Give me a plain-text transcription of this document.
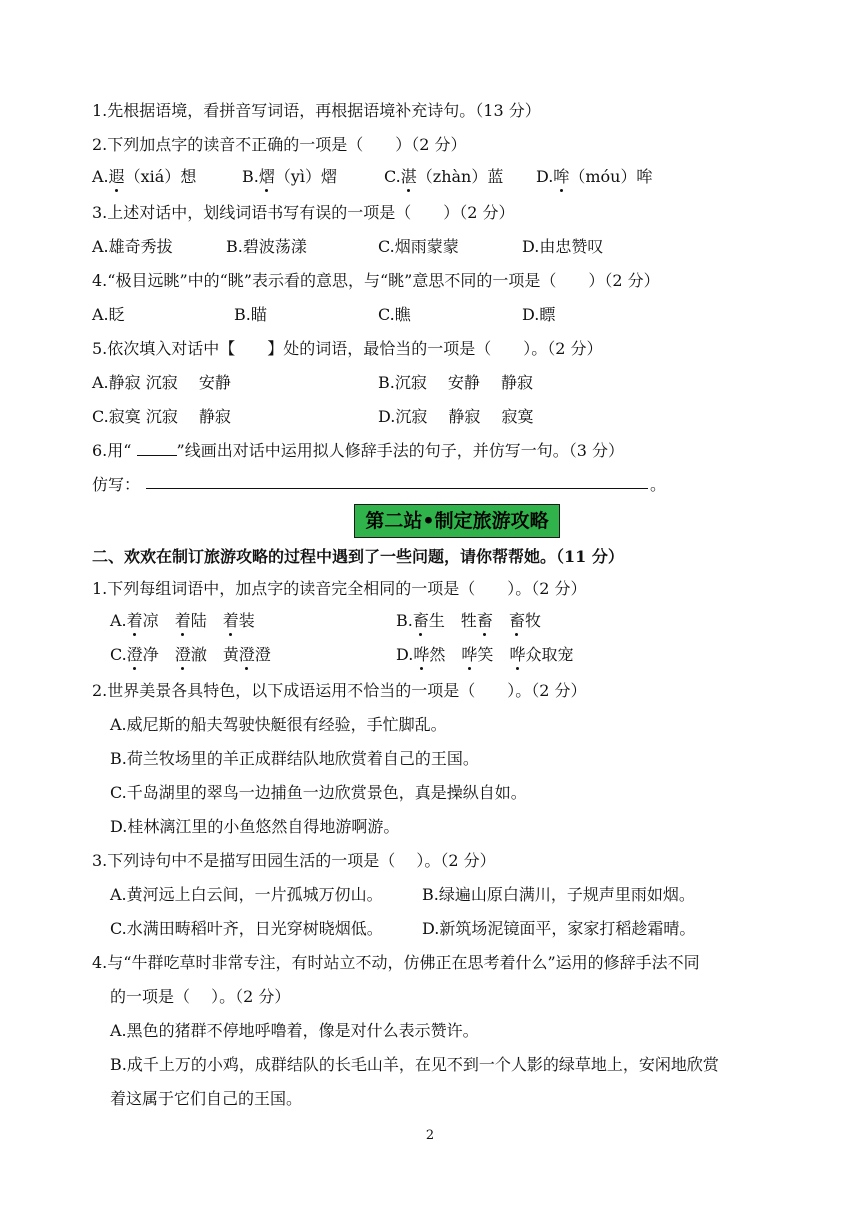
1.先根据语境，看拼音写词语，再根据语境补充诗句。（13 分）
2.下列加点字的读音不正确的一项是（　　）（2 分）
A.遐（xiá）想	B.熠（yì）熠	C.湛（zhàn）蓝 D.哞（móu）哞
3.上述对话中，划线词语书写有误的一项是（　　）（2 分）
A.雄奇秀拔	B.碧波荡漾	C.烟雨蒙蒙	D.由忠赞叹
4.“极目远眺”中的“眺”表示看的意思，与“眺”意思不同的一项是（　　）（2 分）
A.眨	B.瞄	C.瞧	D.瞟
5.依次填入对话中【　　】处的词语，最恰当的一项是（　　）。（2 分）
A.静寂 沉寂　 安静	B.沉寂　 安静　 静寂
C.寂寞 沉寂　 静寂	D.沉寂　 静寂　 寂寞
6.用“	”线画出对话中运用拟人修辞手法的句子，并仿写一句。（3 分）
仿写：	。
第二站•制定旅游攻略
二、欢欢在制订旅游攻略的过程中遇到了一些问题，请你帮帮她。（11 分）
1.下列每组词语中，加点字的读音完全相同的一项是（　　）。（2 分）
A.着凉　 着陆　 着装	B.畜生　 牲畜　 畜牧
C.澄净　 澄澈　 黄澄澄	D.哗然　 哗笑　 哗众取宠
2.世界美景各具特色，以下成语运用不恰当的一项是（　　）。（2 分）
A.威尼斯的船夫驾驶快艇很有经验，手忙脚乱。
B.荷兰牧场里的羊正成群结队地欣赏着自己的王国。
C.千岛湖里的翠鸟一边捕鱼一边欣赏景色，真是操纵自如。
D.桂林漓江里的小鱼悠然自得地游啊游。
3.下列诗句中不是描写田园生活的一项是（　 ）。（2 分）
A.黄河远上白云间，一片孤城万仞山。 B.绿遍山原白满川，子规声里雨如烟。
C.水满田畴稻叶齐，日光穿树晓烟低。 D.新筑场泥镜面平，家家打稻趁霜晴。
4.与“牛群吃草时非常专注，有时站立不动，仿佛正在思考着什么”运用的修辞手法不同
的一项是（　 ）。（2 分）
A.黑色的猪群不停地呼噜着，像是对什么表示赞许。
B.成千上万的小鸡，成群结队的长毛山羊，在见不到一个人影的绿草地上，安闲地欣赏
着这属于它们自己的王国。
2
